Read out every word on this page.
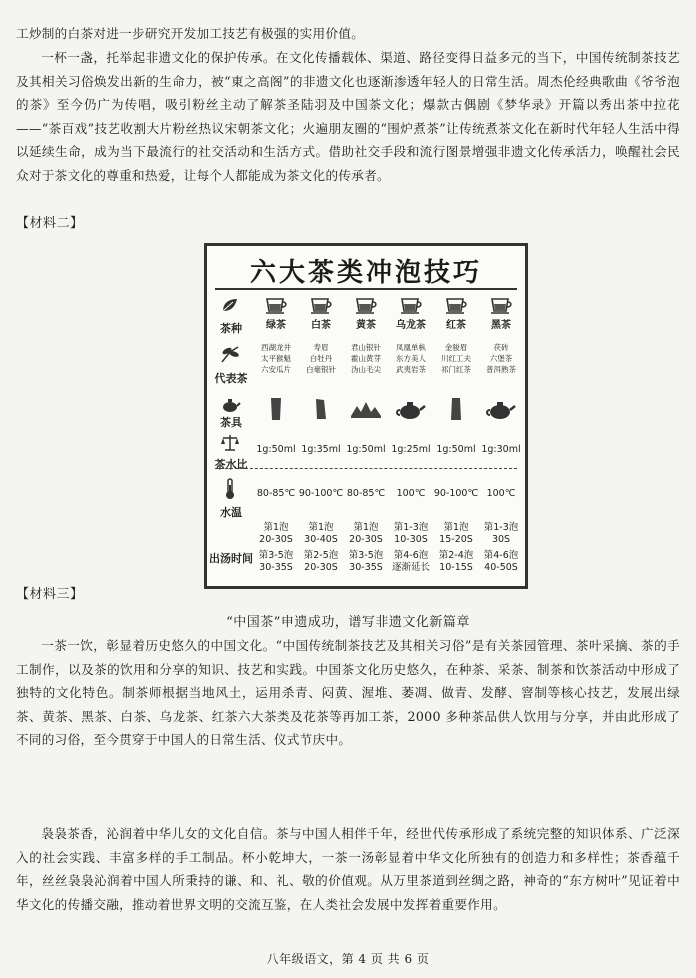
工炒制的白茶对进一步研究开发加工技艺有极强的实用价值。

一杯一盏，托举起非遗文化的保护传承。在文化传播载体、渠道、路径变得日益多元的当下，中国传统制茶技艺及其相关习俗焕发出新的生命力，被“東之高阁”的非遗文化也逐渐渗透年轻人的日常生活。周杰伦经典歌曲《爷爷泡的茶》至今仍广为传唱，吸引粉丝主动了解茶圣陆羽及中国茶文化；爆款古偶剧《梦华录》开篇以秀出茶中拉花——“茶百戏”技艺收割大片粉丝热议宋朝茶文化；火遍朋友圈的“围炉煮茶”让传统煮茶文化在新时代年轻人生活中得以延续生命，成为当下最流行的社交活动和生活方式。借助社交手段和流行图景增强非遗文化传承活力，唤醒社会民众对于茶文化的尊重和热爱，让每个人都能成为茶文化的传承者。

【材料二】
六大茶类冲泡技巧
茶种
代表茶
茶具
茶水比
水温
出汤时间
绿茶
西湖龙井
太平猴魁
六安瓜片
1g:50ml
80-85℃
第1泡
20-30S
第3-5泡
30-35S
白茶
寿眉
白牡丹
白毫银针
1g:35ml
90-100℃
第1泡
30-40S
第2-5泡
20-30S
黄茶
君山银针
霍山黄芽
沩山毛尖
1g:50ml
80-85℃
第1泡
20-30S
第3-5泡
30-35S
乌龙茶
凤凰单枞
东方美人
武夷岩茶
1g:25ml
100℃
第1-3泡
10-30S
第4-6泡
逐渐延长
红茶
金骏眉
川红工夫
祁门红茶
1g:50ml
90-100℃
第1泡
15-20S
第2-4泡
10-15S
黑茶
茯砖
六堡茶
普洱熟茶
1g:30ml
100℃
第1-3泡
30S
第4-6泡
40-50S
【材料三】
“中国茶”申遗成功，谱写非遗文化新篇章

一茶一饮，彰显着历史悠久的中国文化。“中国传统制茶技艺及其相关习俗”是有关茶园管理、茶叶采摘、茶的手工制作，以及茶的饮用和分享的知识、技艺和实践。中国茶文化历史悠久，在种茶、采茶、制茶和饮茶活动中形成了独特的文化特色。制茶师根据当地风土，运用杀青、闷黄、渥堆、萎凋、做青、发酵、窨制等核心技艺，发展出绿茶、黄茶、黑茶、白茶、乌龙茶、红茶六大茶类及花茶等再加工茶，2000 多种茶品供人饮用与分享，并由此形成了不同的习俗，至今贯穿于中国人的日常生活、仪式节庆中。

袅袅茶香，沁润着中华儿女的文化自信。茶与中国人相伴千年，经世代传承形成了系统完整的知识体系、广泛深入的社会实践、丰富多样的手工制品。杯小乾坤大，一茶一汤彰显着中华文化所独有的创造力和多样性；茶香蕴千年，丝丝袅袅沁润着中国人所秉持的谦、和、礼、敬的价值观。从万里茶道到丝绸之路，神奇的“东方树叶”见证着中华文化的传播交融，推动着世界文明的交流互鉴，在人类社会发展中发挥着重要作用。

八年级语文，第 4 页 共 6 页
